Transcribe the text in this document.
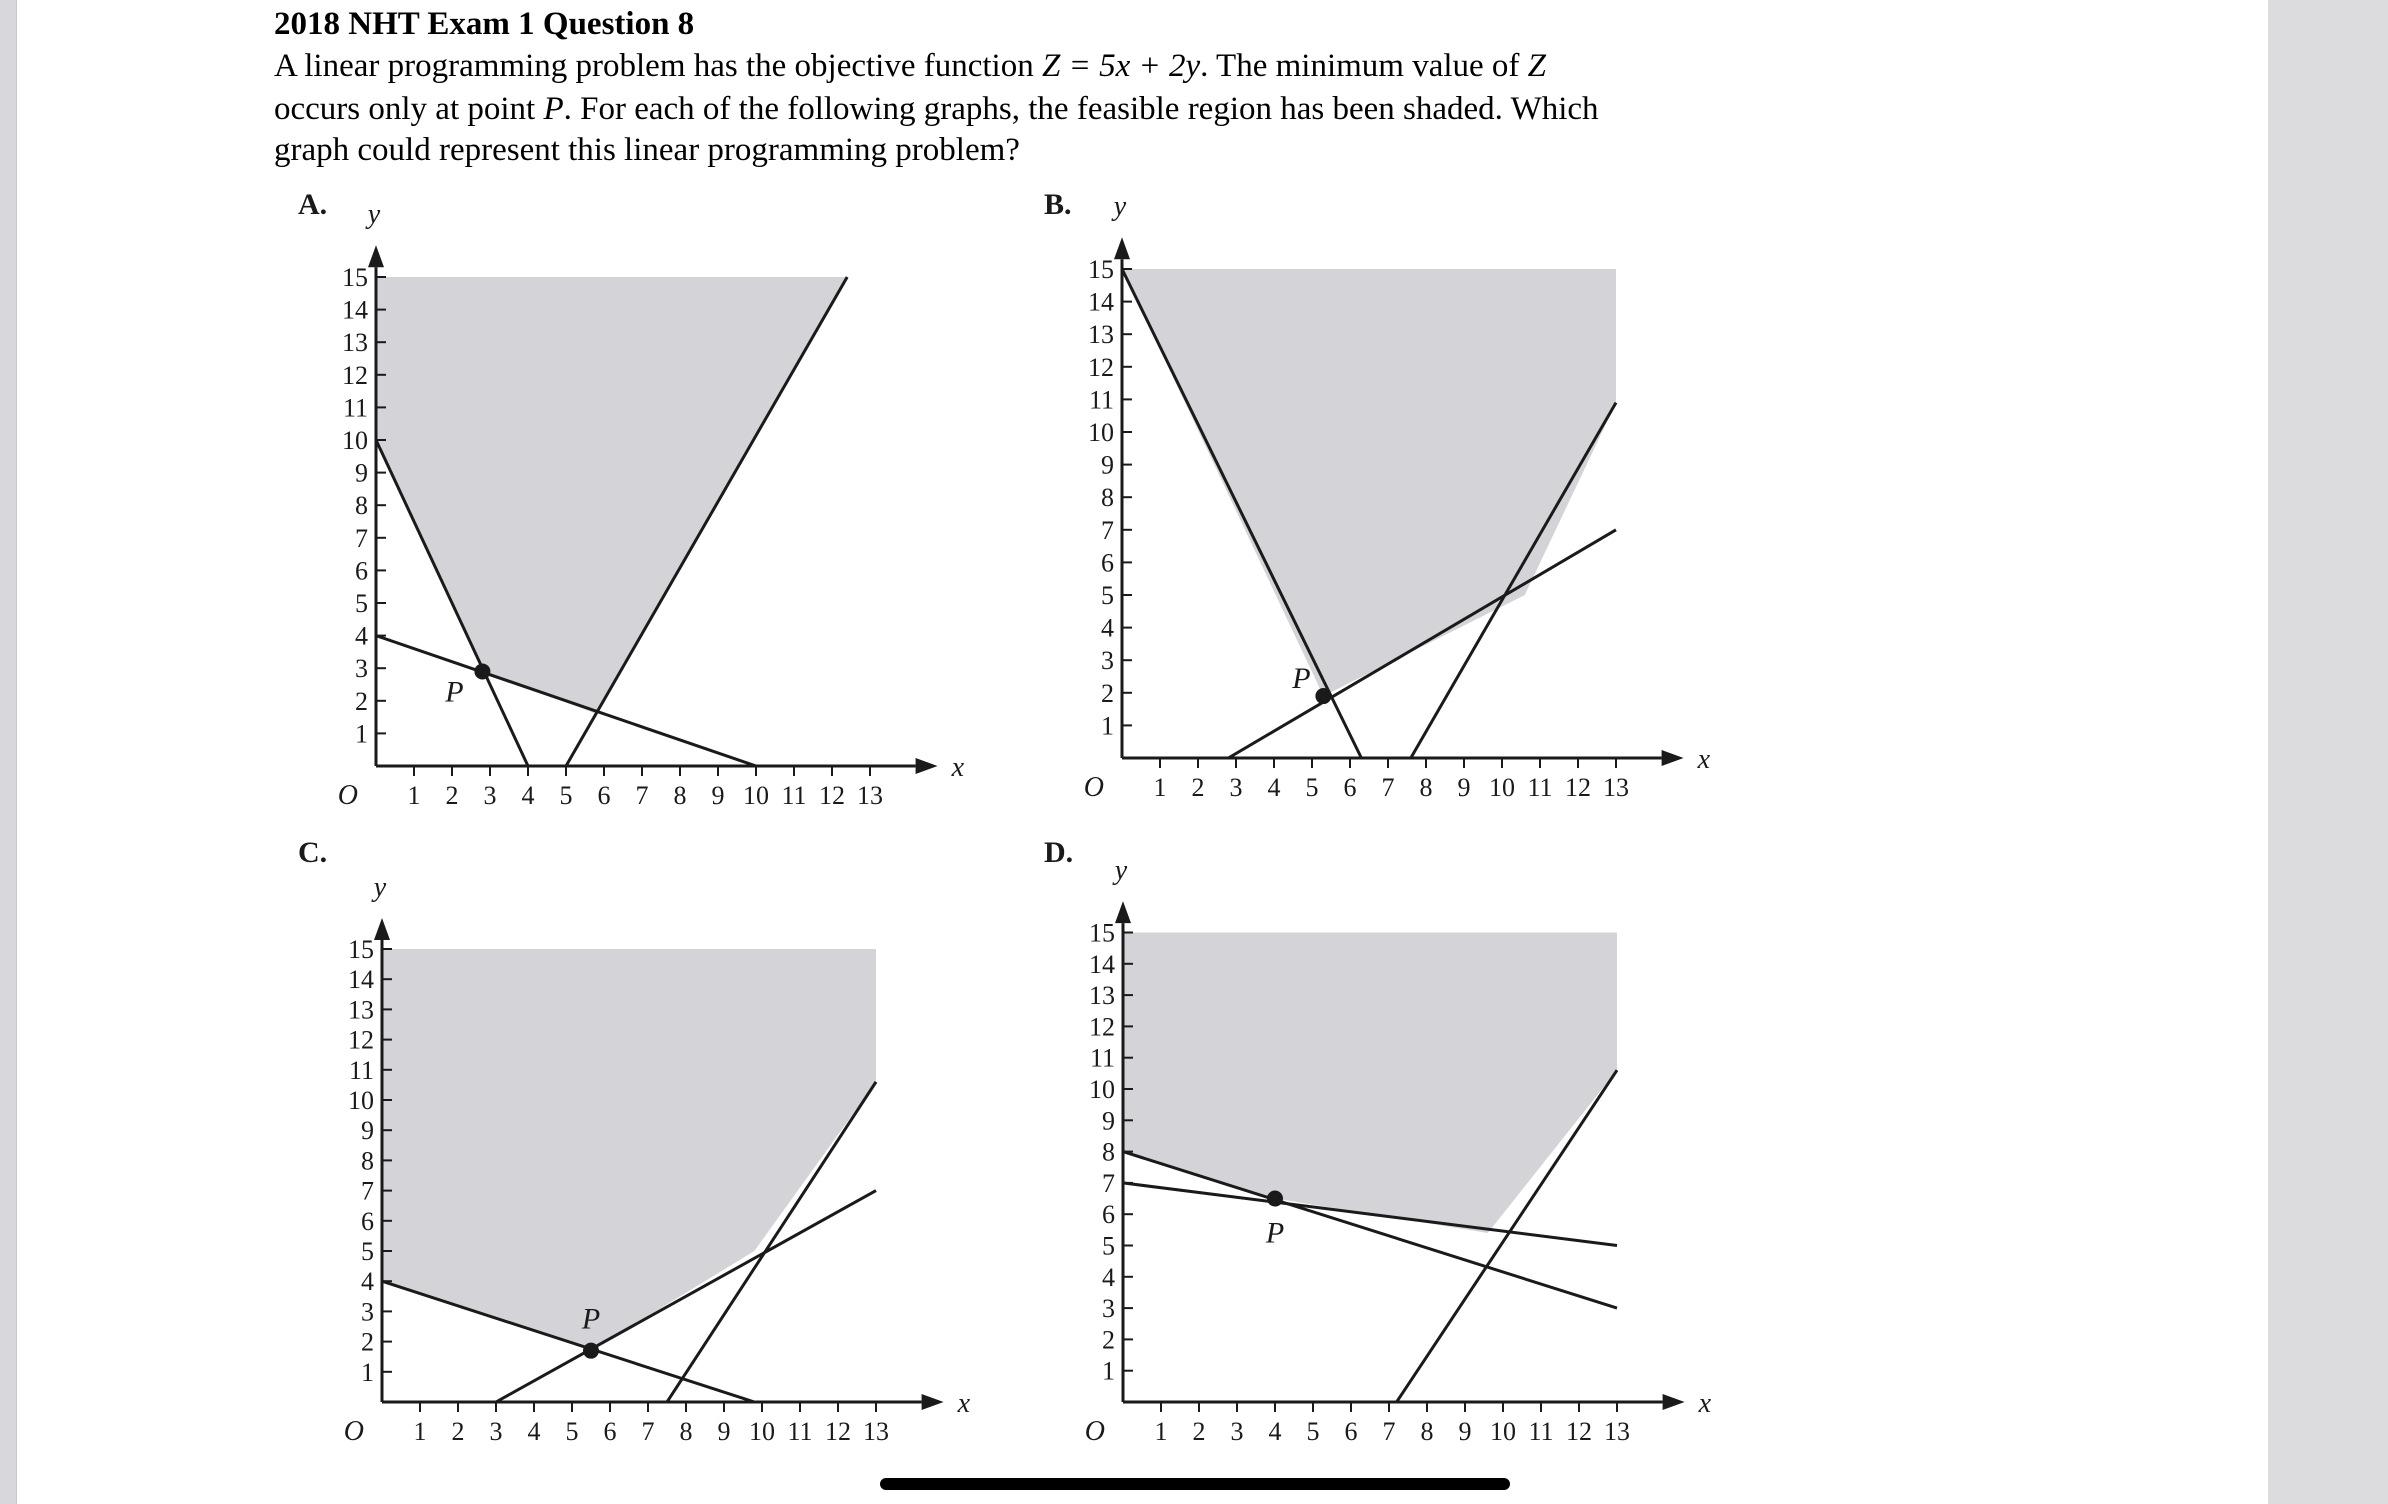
2018 NHT Exam 1 Question 8
A linear programming problem has the objective function Z = 5x + 2y. The minimum value of Z
occurs only at point P. For each of the following graphs, the feasible region has been shaded. Which
graph could represent this linear programming problem?
1 2 3 4 5 6 7 8 9 10 11 12 13
1
2
3
4
5
6
7
8
9
10
11
12
13
14
15
x
y
O
A.
P
1 2 3 4 5 6 7 8 9 10 11 12 13
1
2
3
4
5
6
7
8
9
10
11
12
13
14
15
x
y
O
B.
P
1 2 3 4 5 6 7 8 9 10 11 12 13
1
2
3
4
5
6
7
8
9
10
11
12
13
14
15
x
y
O
C.
P
1 2 3 4 5 6 7 8 9 10 11 12 13
1
2
3
4
5
6
7
8
9
10
11
12
13
14
15
x
y
O
D.
P
